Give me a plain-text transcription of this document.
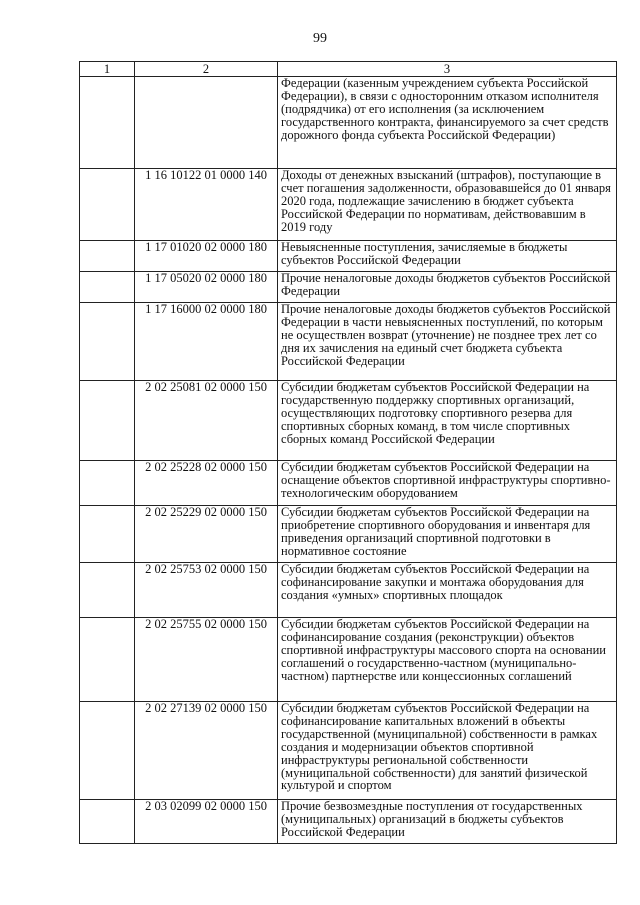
99
1	2	3
		Федерации (казенным учреждением субъекта Российской Федерации), в связи с односторонним отказом исполнителя (подрядчика) от его исполнения (за исключением государственного контракта, финансируемого за счет средств дорожного фонда субъекта Российской Федерации)
	1 16 10122 01 0000 140	Доходы от денежных взысканий (штрафов), поступающие в счет погашения задолженности, образовавшейся до 01 января 2020 года, подлежащие зачислению в бюджет субъекта Российской Федерации по нормативам, действовавшим в 2019 году
	1 17 01020 02 0000 180	Невыясненные поступления, зачисляемые в бюджеты субъектов Российской Федерации
	1 17 05020 02 0000 180	Прочие неналоговые доходы бюджетов субъектов Российской Федерации
	1 17 16000 02 0000 180	Прочие неналоговые доходы бюджетов субъектов Российской Федерации в части невыясненных поступлений, по которым не осуществлен возврат (уточнение) не позднее трех лет со дня их зачисления на единый счет бюджета субъекта Российской Федерации
	2 02 25081 02 0000 150	Субсидии бюджетам субъектов Российской Федерации на государственную поддержку спортивных организаций, осуществляющих подготовку спортивного резерва для спортивных сборных команд, в том числе спортивных сборных команд Российской Федерации
	2 02 25228 02 0000 150	Субсидии бюджетам субъектов Российской Федерации на оснащение объектов спортивной инфраструктуры спортивно-технологическим оборудованием
	2 02 25229 02 0000 150	Субсидии бюджетам субъектов Российской Федерации на приобретение спортивного оборудования и инвентаря для приведения организаций спортивной подготовки в нормативное состояние
	2 02 25753 02 0000 150	Субсидии бюджетам субъектов Российской Федерации на софинансирование закупки и монтажа оборудования для создания «умных» спортивных площадок
	2 02 25755 02 0000 150	Субсидии бюджетам субъектов Российской Федерации на софинансирование создания (реконструкции) объектов спортивной инфраструктуры массового спорта на основании соглашений о государственно-частном (муниципально-частном) партнерстве или концессионных соглашений
	2 02 27139 02 0000 150	Субсидии бюджетам субъектов Российской Федерации на софинансирование капитальных вложений в объекты государственной (муниципальной) собственности в рамках создания и модернизации объектов спортивной инфраструктуры региональной собственности (муниципальной собственности) для занятий физической культурой и спортом
	2 03 02099 02 0000 150	Прочие безвозмездные поступления от государственных (муниципальных) организаций в бюджеты субъектов Российской Федерации
